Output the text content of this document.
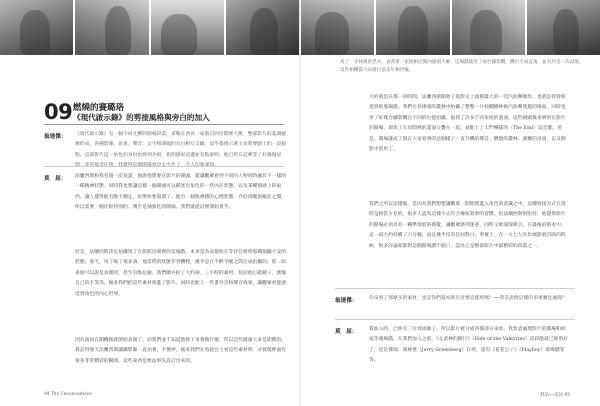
馬丁：寺林漢的老兵，表典著一家族相店開內鉗削大師，這場戲使用了兩台攝影機，機位天成直角，並有代是一次試演，這些相機都大局發行前多年相世後。
09 燃燒的賽璐珞
《現代啟示錄》的剪接風格與旁白的加入
翁達傑： 《現代啟示錄》有一個不同凡響的開場段落，拿勒在西貢一家旅店的房間裡大醉，整部影片的基調逐漸形成，各種影像、意象、聲音、文字和開頭的旁白相互交織，似乎都預示著主角將要踏上的一段旅程。這部影片這一角色的身份也得到介紹，指明德軍這邊並有點說明，他已經在這裡等了好幾個星

莫　屈： 法蘭西斯和我有過一次長談，他說他想要在影片的開頭，就讓觀眾看到不同的人物同時處於不一樣的一種精神狀態，同時我也想讓這樣一個開頭可以描述出角色的一些內在狀態，以及某種情感上的東西，讓人覺得他有點不穩定，好像快要崩潰了。他有一個很複雜的心理狀態，介於清醒與瘋狂之間，所以需要一個比較特別的、幾乎是抽象化的開場。我們就從這裡開始著手。

於是，法蘭西斯決定拍攝馬丁在旅館房間裡的這場戲，本來是為表現他在等待任務時那種煩躁不安的狀態。那天，馬丁喝了很多酒，他當時的狀態非常糟糕，幾乎是在半醉半醒之間完成拍攝的。那一段表演可以說是真實的，甚至有點危險。我們總共拍了大約兩、三小時的素材，包括他打破鏡子、割傷自己的手等等。後來我們把這些素材剪進了影片，同時也配上一些畫外音和聲音效果，讓觀眾更能感受到角色的內心世界。

因為演員在開機後就開始表演了，而我們並不知道他接下來會做什麼，所以這些鏡頭大多是即興的。我記得那天法蘭西斯讓攝影師一直拍著，不要停。後來我們在剪接台上看這些素材時，才發現裡面有很多非常精彩的瞬間，這些東西是無法事先設計出來的。

94 The Conversations

大約就是在那一段時間，法蘭西斯開始了電影史上規模最大的一次汽油彈爆炸，也就是我曾經提到的那場戲。我們在菲律賓的叢林中拍攝了整整一片棕櫚樹林被汽油彈焚燒的場面，同時也用了好幾台攝影機在不同的位置拍攝，取得了許多不同角度的畫面。這些鏡頭後來被用在影片的開場，與馬丁在房間裡的畫面交疊在一起，並配上了大門樂隊的〈The End〉這首歌。於是，開場就成了現在大家看到的這個樣子：直升機的聲音、燃燒的叢林、旋轉的吊扇，以及倒影中的馬丁。

我們之所以這樣做，是因為我們想要讓觀眾一開始就進入角色的意識之中。這種剪接方式在當時是相當少見的，很多人認為這樣不太符合傳統敘事的習慣。但法蘭西斯很堅持，他覺得影片的開場必須具有一種夢境般的感覺，讓觀眾感到迷惑，同時又被深深吸引。在最後的版本中，這一段大約持續了六分鐘，而且幾乎沒有任何對白。事實上，在一九七九年坎城影展首映的時候，很多評論家都對這個開場讚不絕口，認為它是整部影片中最精彩的段落之一。

翁達傑： 你拿到了那麼多的素材，也是你們最初就有意要這樣剪嗎？──我是說像這樣的多重疊化處理？

莫　屈： 我加入時，已經有三位剪接師了，所以影片被分成四個部分來剪，我負責處理影片的開場和結尾等幾場戲。在我們加入之前，《女武神的騎行》（Ride of the Valkyries）這段戲就已經剪好了，這是傑瑞．葛林堡（Jerry Greenberg）在剪，還有《花花公子》（Playboy）那場戲等等。

對話──莫屈 95
